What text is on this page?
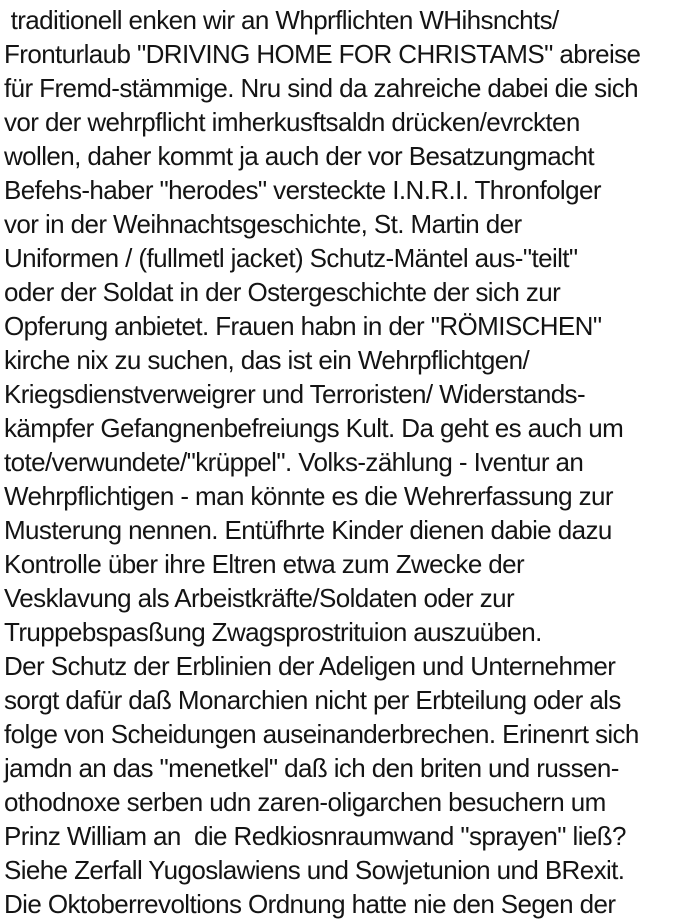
traditionell enken wir an Whprflichten WHihsnchts/
Fronturlaub "DRIVING HOME FOR CHRISTAMS" abreise
für Fremd-stämmige. Nru sind da zahreiche dabei die sich
vor der wehrpflicht imherkusftsaldn drücken/evrckten
wollen, daher kommt ja auch der vor Besatzungmacht
Befehs-haber "herodes" versteckte I.N.R.I. Thronfolger
vor in der Weihnachtsgeschichte, St. Martin der
Uniformen / (fullmetl jacket) Schutz-Mäntel aus-"teilt"
oder der Soldat in der Ostergeschichte der sich zur
Opferung anbietet. Frauen habn in der "RÖMISCHEN"
kirche nix zu suchen, das ist ein Wehrpflichtgen/
Kriegsdienstverweigrer und Terroristen/ Widerstands-
kämpfer Gefangnenbefreiungs Kult. Da geht es auch um
tote/verwundete/"krüppel". Volks-zählung - Iventur an
Wehrpflichtigen - man könnte es die Wehrerfassung zur
Musterung nennen. Entüfhrte Kinder dienen dabie dazu
Kontrolle über ihre Eltren etwa zum Zwecke der
Vesklavung als Arbeistkräfte/Soldaten oder zur
Truppebspasßung Zwagsprostrituion auszuüben.
Der Schutz der Erblinien der Adeligen und Unternehmer
sorgt dafür daß Monarchien nicht per Erbteilung oder als
folge von Scheidungen auseinanderbrechen. Erinenrt sich
jamdn an das "menetkel" daß ich den briten und russen-
othodnoxe serben udn zaren-oligarchen besuchern um
Prinz William an  die Redkiosnraumwand "sprayen" ließ?
Siehe Zerfall Yugoslawiens und Sowjetunion und BRexit.
Die Oktoberrevoltions Ordnung hatte nie den Segen der
